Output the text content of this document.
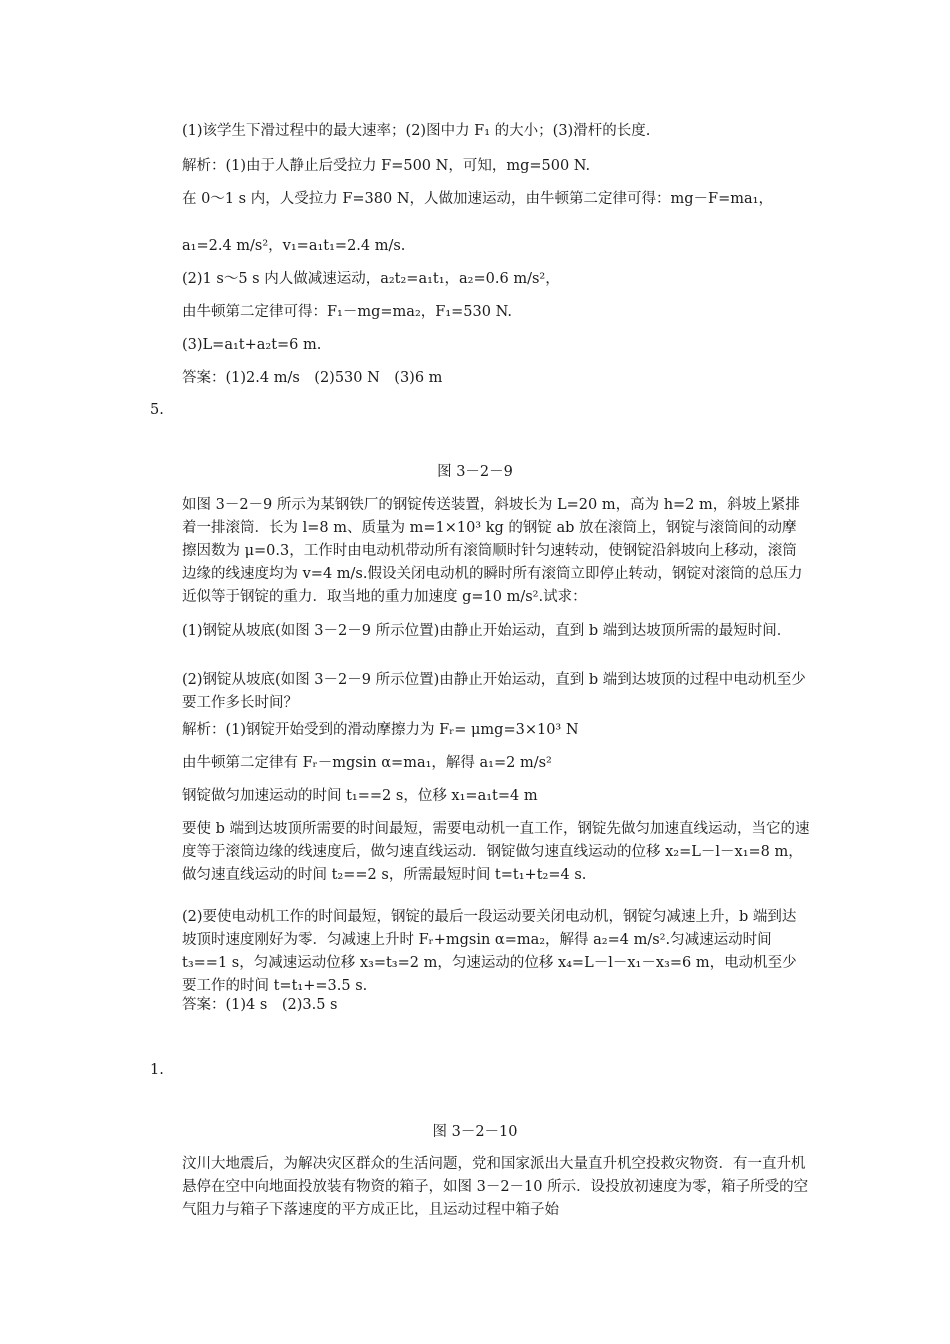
(1)该学生下滑过程中的最大速率；(2)图中力 F₁ 的大小；(3)滑杆的长度.

解析：(1)由于人静止后受拉力 F=500 N，可知，mg=500 N.

在 0～1 s 内，人受拉力 F=380 N，人做加速运动，由牛顿第二定律可得：mg－F=ma₁，

a₁=2.4 m/s²，v₁=a₁t₁=2.4 m/s.

(2)1 s～5 s 内人做减速运动，a₂t₂=a₁t₁，a₂=0.6 m/s²，

由牛顿第二定律可得：F₁－mg=ma₂，F₁=530 N.

(3)L=a₁t+a₂t=6 m.

答案：(1)2.4 m/s　(2)530 N　(3)6 m

5.

图 3－2－9

如图 3－2－9 所示为某钢铁厂的钢锭传送装置，斜坡长为 L=20 m，高为 h=2 m，斜坡上紧排着一排滚筒．长为 l=8 m、质量为 m=1×10³ kg 的钢锭 ab 放在滚筒上，钢锭与滚筒间的动摩擦因数为 μ=0.3，工作时由电动机带动所有滚筒顺时针匀速转动，使钢锭沿斜坡向上移动，滚筒边缘的线速度均为 v=4 m/s.假设关闭电动机的瞬时所有滚筒立即停止转动，钢锭对滚筒的总压力近似等于钢锭的重力．取当地的重力加速度 g=10 m/s².试求：

(1)钢锭从坡底(如图 3－2－9 所示位置)由静止开始运动，直到 b 端到达坡顶所需的最短时间．

(2)钢锭从坡底(如图 3－2－9 所示位置)由静止开始运动，直到 b 端到达坡顶的过程中电动机至少要工作多长时间？

解析：(1)钢锭开始受到的滑动摩擦力为 Fᵣ= μmg=3×10³ N

由牛顿第二定律有 Fᵣ－mgsin α=ma₁，解得 a₁=2 m/s²

钢锭做匀加速运动的时间 t₁==2 s，位移 x₁=a₁t=4 m

要使 b 端到达坡顶所需要的时间最短，需要电动机一直工作，钢锭先做匀加速直线运动，当它的速度等于滚筒边缘的线速度后，做匀速直线运动．钢锭做匀速直线运动的位移 x₂=L－l－x₁=8 m，做匀速直线运动的时间 t₂==2 s，所需最短时间 t=t₁+t₂=4 s.

(2)要使电动机工作的时间最短，钢锭的最后一段运动要关闭电动机，钢锭匀减速上升，b 端到达坡顶时速度刚好为零．匀减速上升时 Fᵣ+mgsin α=ma₂，解得 a₂=4 m/s².匀减速运动时间 t₃==1 s，匀减速运动位移 x₃=t₃=2 m，匀速运动的位移 x₄=L－l－x₁－x₃=6 m，电动机至少要工作的时间 t=t₁+=3.5 s.

答案：(1)4 s　(2)3.5 s

1.

图 3－2－10

汶川大地震后，为解决灾区群众的生活问题，党和国家派出大量直升机空投救灾物资．有一直升机悬停在空中向地面投放装有物资的箱子，如图 3－2－10 所示．设投放初速度为零，箱子所受的空气阻力与箱子下落速度的平方成正比，且运动过程中箱子始
